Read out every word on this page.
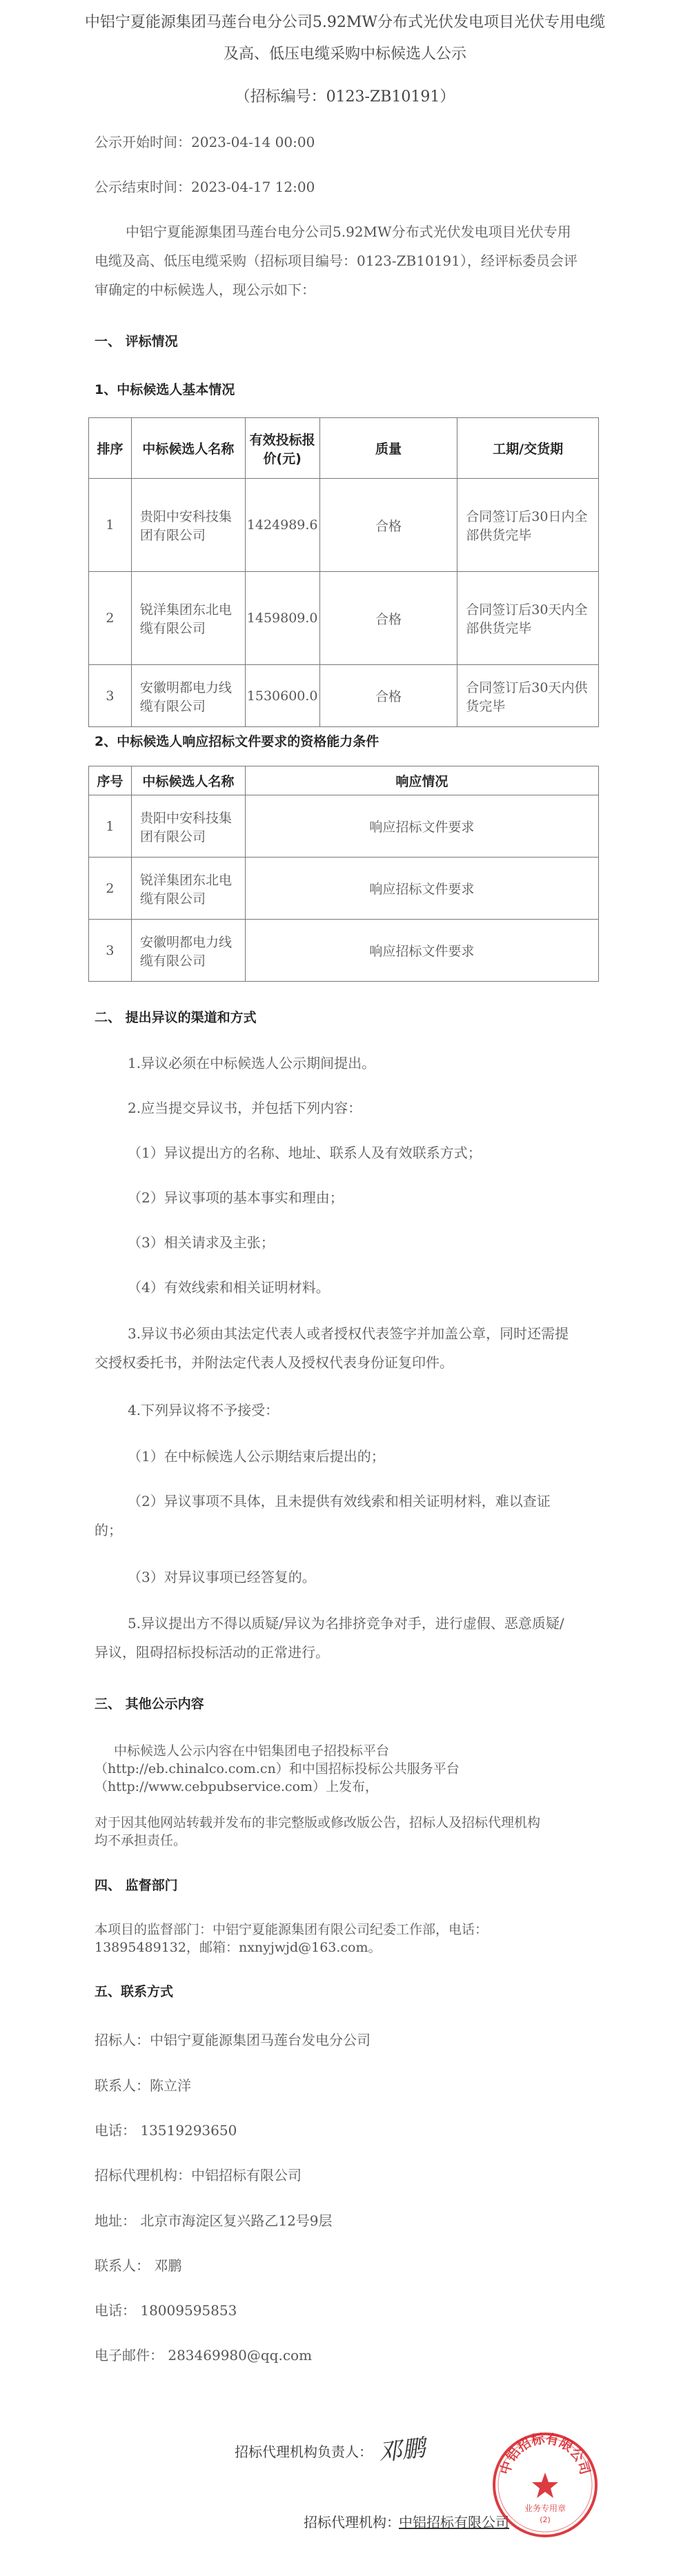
中铝宁夏能源集团马莲台电分公司5.92MW分布式光伏发电项目光伏专用电缆
及高、低压电缆采购中标候选人公示
（招标编号：0123-ZB10191）
公示开始时间：2023-04-14 00:00
公示结束时间：2023-04-17 12:00
中铝宁夏能源集团马莲台电分公司5.92MW分布式光伏发电项目光伏专用
电缆及高、低压电缆采购（招标项目编号：0123-ZB10191），经评标委员会评
审确定的中标候选人，现公示如下：
一、 评标情况
1、中标候选人基本情况
排序	中标候选人名称	有效投标报价(元)	质量	工期/交货期
1	贵阳中安科技集团有限公司	1424989.6	合格	合同签订后30日内全部供货完毕
2	锐洋集团东北电缆有限公司	1459809.0	合格	合同签订后30天内全部供货完毕
3	安徽明都电力线缆有限公司	1530600.0	合格	合同签订后30天内供货完毕
2、中标候选人响应招标文件要求的资格能力条件
序号	中标候选人名称	响应情况
1	贵阳中安科技集团有限公司	响应招标文件要求
2	锐洋集团东北电缆有限公司	响应招标文件要求
3	安徽明都电力线缆有限公司	响应招标文件要求
二、 提出异议的渠道和方式
1.异议必须在中标候选人公示期间提出。
2.应当提交异议书，并包括下列内容：
（1）异议提出方的名称、地址、联系人及有效联系方式；
（2）异议事项的基本事实和理由；
（3）相关请求及主张；
（4）有效线索和相关证明材料。
3.异议书必须由其法定代表人或者授权代表签字并加盖公章，同时还需提
交授权委托书，并附法定代表人及授权代表身份证复印件。
4.下列异议将不予接受：
（1）在中标候选人公示期结束后提出的；
（2）异议事项不具体，且未提供有效线索和相关证明材料，难以查证
的；
（3）对异议事项已经答复的。
5.异议提出方不得以质疑/异议为名排挤竞争对手，进行虚假、恶意质疑/
异议，阻碍招标投标活动的正常进行。
三、 其他公示内容
中标候选人公示内容在中铝集团电子招投标平台
（http://eb.chinalco.com.cn）和中国招标投标公共服务平台
（http://www.cebpubservice.com）上发布，
对于因其他网站转载并发布的非完整版或修改版公告，招标人及招标代理机构
均不承担责任。
四、 监督部门
本项目的监督部门：中铝宁夏能源集团有限公司纪委工作部，电话：
13895489132，邮箱：nxnyjwjd@163.com。
五、联系方式
招标人：中铝宁夏能源集团马莲台发电分公司
联系人：陈立洋
电话： 13519293650
招标代理机构：中铝招标有限公司
地址： 北京市海淀区复兴路乙12号9层
联系人： 邓鹏
电话： 18009595853
电子邮件： 283469980@qq.com
招标代理机构负责人： 邓鹏
招标代理机构：
中铝招标有限公司
中铝招标有限公司
业务专用章
(2)
